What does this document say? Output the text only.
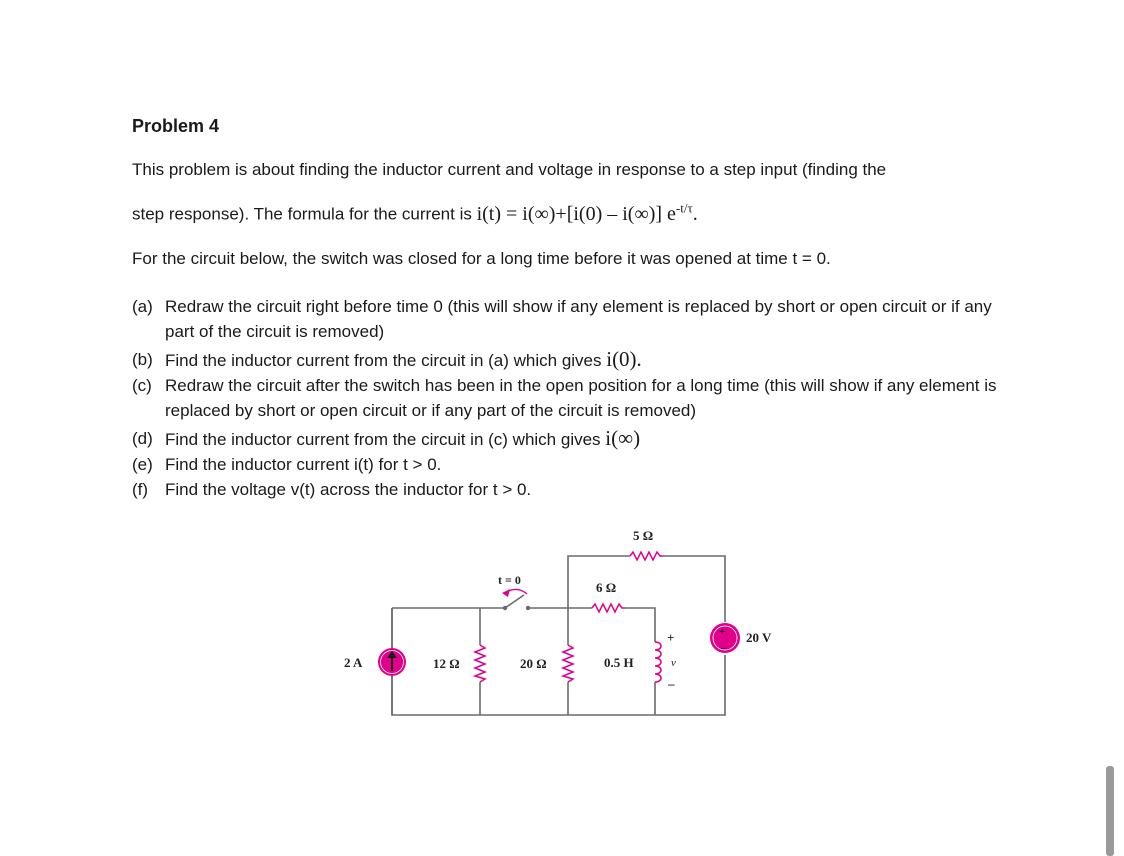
Problem 4
This problem is about finding the inductor current and voltage in response to a step input (finding the
step response). The formula for the current is i(t) = i(∞)+[i(0) – i(∞)] $e^{-t/\tau}$.
For the circuit below, the switch was closed for a long time before it was opened at time t = 0.
(a) Redraw the circuit right before time 0 (this will show if any element is replaced by short or open circuit or if any part of the circuit is removed)
(b) Find the inductor current from the circuit in (a) which gives i(0).
(c) Redraw the circuit after the switch has been in the open position for a long time (this will show if any element is replaced by short or open circuit or if any part of the circuit is removed)
(d) Find the inductor current from the circuit in (c) which gives i(∞)
(e) Find the inductor current i(t) for t > 0.
(f) Find the voltage v(t) across the inductor for t > 0.
t = 0
2 A	12 Ω	20 Ω
6 Ω
5 Ω
0.5 H
+
v
–
+
–
20 V
